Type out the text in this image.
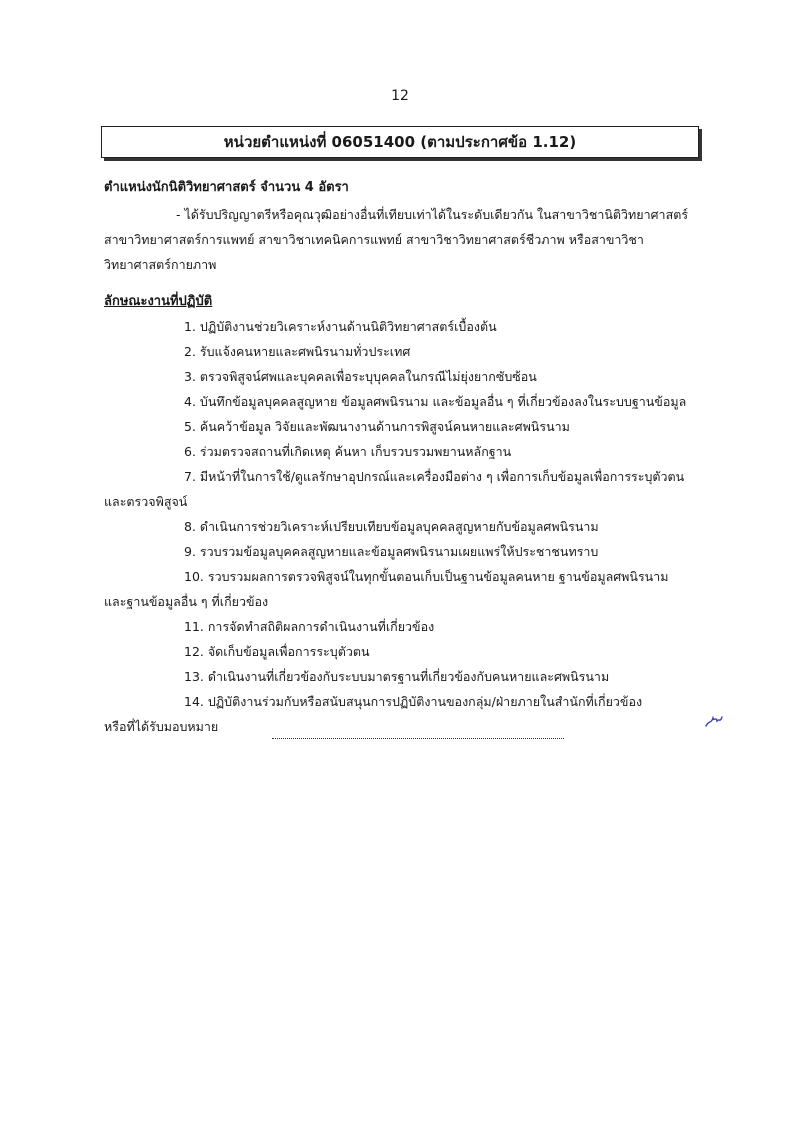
12
หน่วยตำแหน่งที่ 06051400 (ตามประกาศข้อ 1.12)
ตำแหน่งนักนิติวิทยาศาสตร์ จำนวน 4 อัตรา
- ได้รับปริญญาตรีหรือคุณวุฒิอย่างอื่นที่เทียบเท่าได้ในระดับเดียวกัน ในสาขาวิชานิติวิทยาศาสตร์
สาขาวิทยาศาสตร์การแพทย์ สาขาวิชาเทคนิคการแพทย์ สาขาวิชาวิทยาศาสตร์ชีวภาพ หรือสาขาวิชา
วิทยาศาสตร์กายภาพ
ลักษณะงานที่ปฏิบัติ
1. ปฏิบัติงานช่วยวิเคราะห์งานด้านนิติวิทยาศาสตร์เบื้องต้น
2. รับแจ้งคนหายและศพนิรนามทั่วประเทศ
3. ตรวจพิสูจน์ศพและบุคคลเพื่อระบุบุคคลในกรณีไม่ยุ่งยากซับซ้อน
4. บันทึกข้อมูลบุคคลสูญหาย ข้อมูลศพนิรนาม และข้อมูลอื่น ๆ ที่เกี่ยวข้องลงในระบบฐานข้อมูล
5. ค้นคว้าข้อมูล วิจัยและพัฒนางานด้านการพิสูจน์คนหายและศพนิรนาม
6. ร่วมตรวจสถานที่เกิดเหตุ ค้นหา เก็บรวบรวมพยานหลักฐาน
7. มีหน้าที่ในการใช้/ดูแลรักษาอุปกรณ์และเครื่องมือต่าง ๆ เพื่อการเก็บข้อมูลเพื่อการระบุตัวตน
และตรวจพิสูจน์
8. ดำเนินการช่วยวิเคราะห์เปรียบเทียบข้อมูลบุคคลสูญหายกับข้อมูลศพนิรนาม
9. รวบรวมข้อมูลบุคคลสูญหายและข้อมูลศพนิรนามเผยแพร่ให้ประชาชนทราบ
10. รวบรวมผลการตรวจพิสูจน์ในทุกขั้นตอนเก็บเป็นฐานข้อมูลคนหาย ฐานข้อมูลศพนิรนาม
และฐานข้อมูลอื่น ๆ ที่เกี่ยวข้อง
11. การจัดทำสถิติผลการดำเนินงานที่เกี่ยวข้อง
12. จัดเก็บข้อมูลเพื่อการระบุตัวตน
13. ดำเนินงานที่เกี่ยวข้องกับระบบมาตรฐานที่เกี่ยวข้องกับคนหายและศพนิรนาม
14. ปฏิบัติงานร่วมกับหรือสนับสนุนการปฏิบัติงานของกลุ่ม/ฝ่ายภายในสำนักที่เกี่ยวข้อง
หรือที่ได้รับมอบหมาย
